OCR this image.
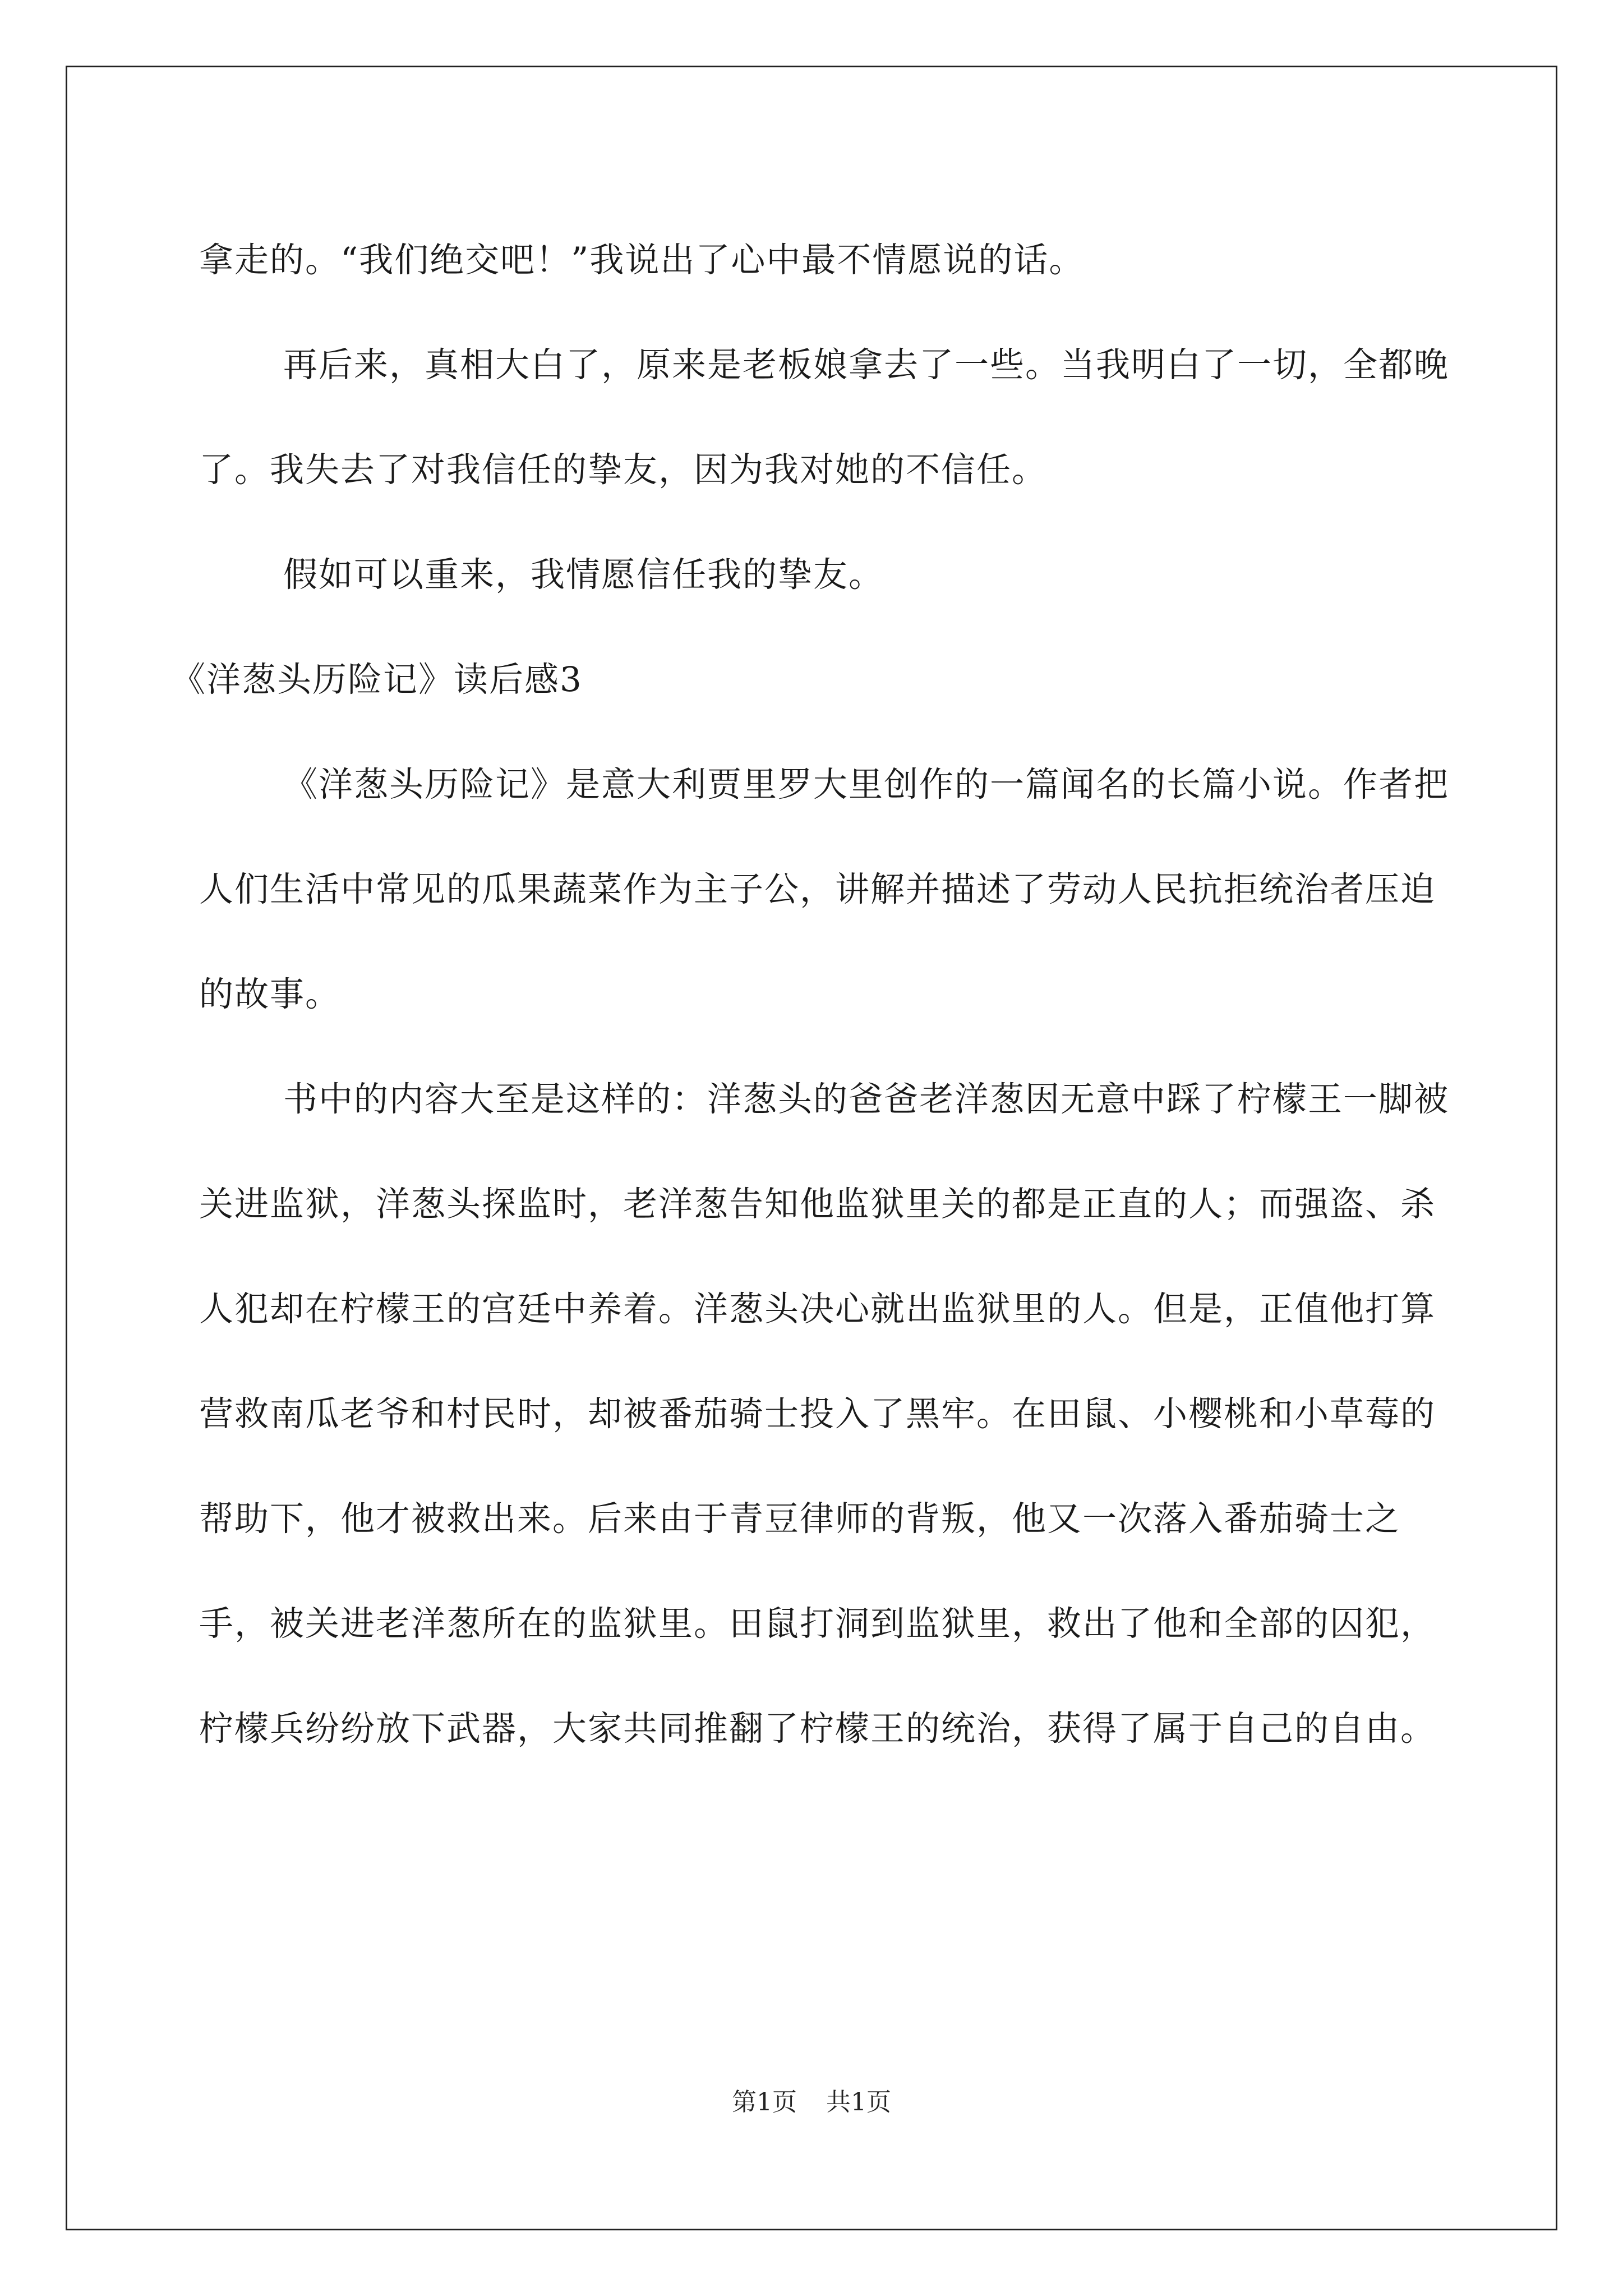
拿走的。“我们绝交吧！”我说出了心中最不情愿说的话。

再后来，真相大白了，原来是老板娘拿去了一些。当我明白了一切，全都晚了。我失去了对我信任的挚友，因为我对她的不信任。

假如可以重来，我情愿信任我的挚友。

《洋葱头历险记》读后感3

《洋葱头历险记》是意大利贾里罗大里创作的一篇闻名的长篇小说。作者把人们生活中常见的瓜果蔬菜作为主子公，讲解并描述了劳动人民抗拒统治者压迫的故事。

书中的内容大至是这样的：洋葱头的爸爸老洋葱因无意中踩了柠檬王一脚被关进监狱，洋葱头探监时，老洋葱告知他监狱里关的都是正直的人；而强盗、杀人犯却在柠檬王的宫廷中养着。洋葱头决心就出监狱里的人。但是，正值他打算营救南瓜老爷和村民时，却被番茄骑士投入了黑牢。在田鼠、小樱桃和小草莓的帮助下，他才被救出来。后来由于青豆律师的背叛，他又一次落入番茄骑士之手，被关进老洋葱所在的监狱里。田鼠打洞到监狱里，救出了他和全部的囚犯，柠檬兵纷纷放下武器，大家共同推翻了柠檬王的统治，获得了属于自己的自由。

第1页 共1页
